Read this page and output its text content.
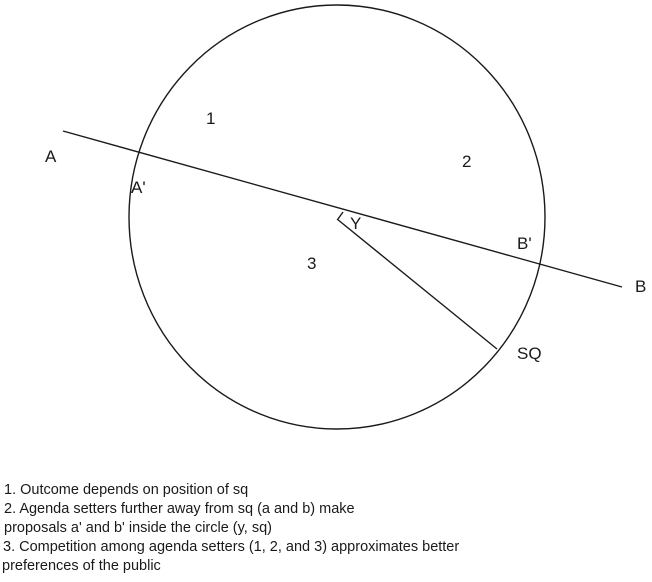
A
A'
1
2
Y
3
B'
B
SQ
1. Outcome depends on position of sq
2. Agenda setters further away from sq (a and b) make
proposals a' and b' inside the circle (y, sq)
3. Competition among agenda setters (1, 2, and 3) approximates better
preferences of the public
